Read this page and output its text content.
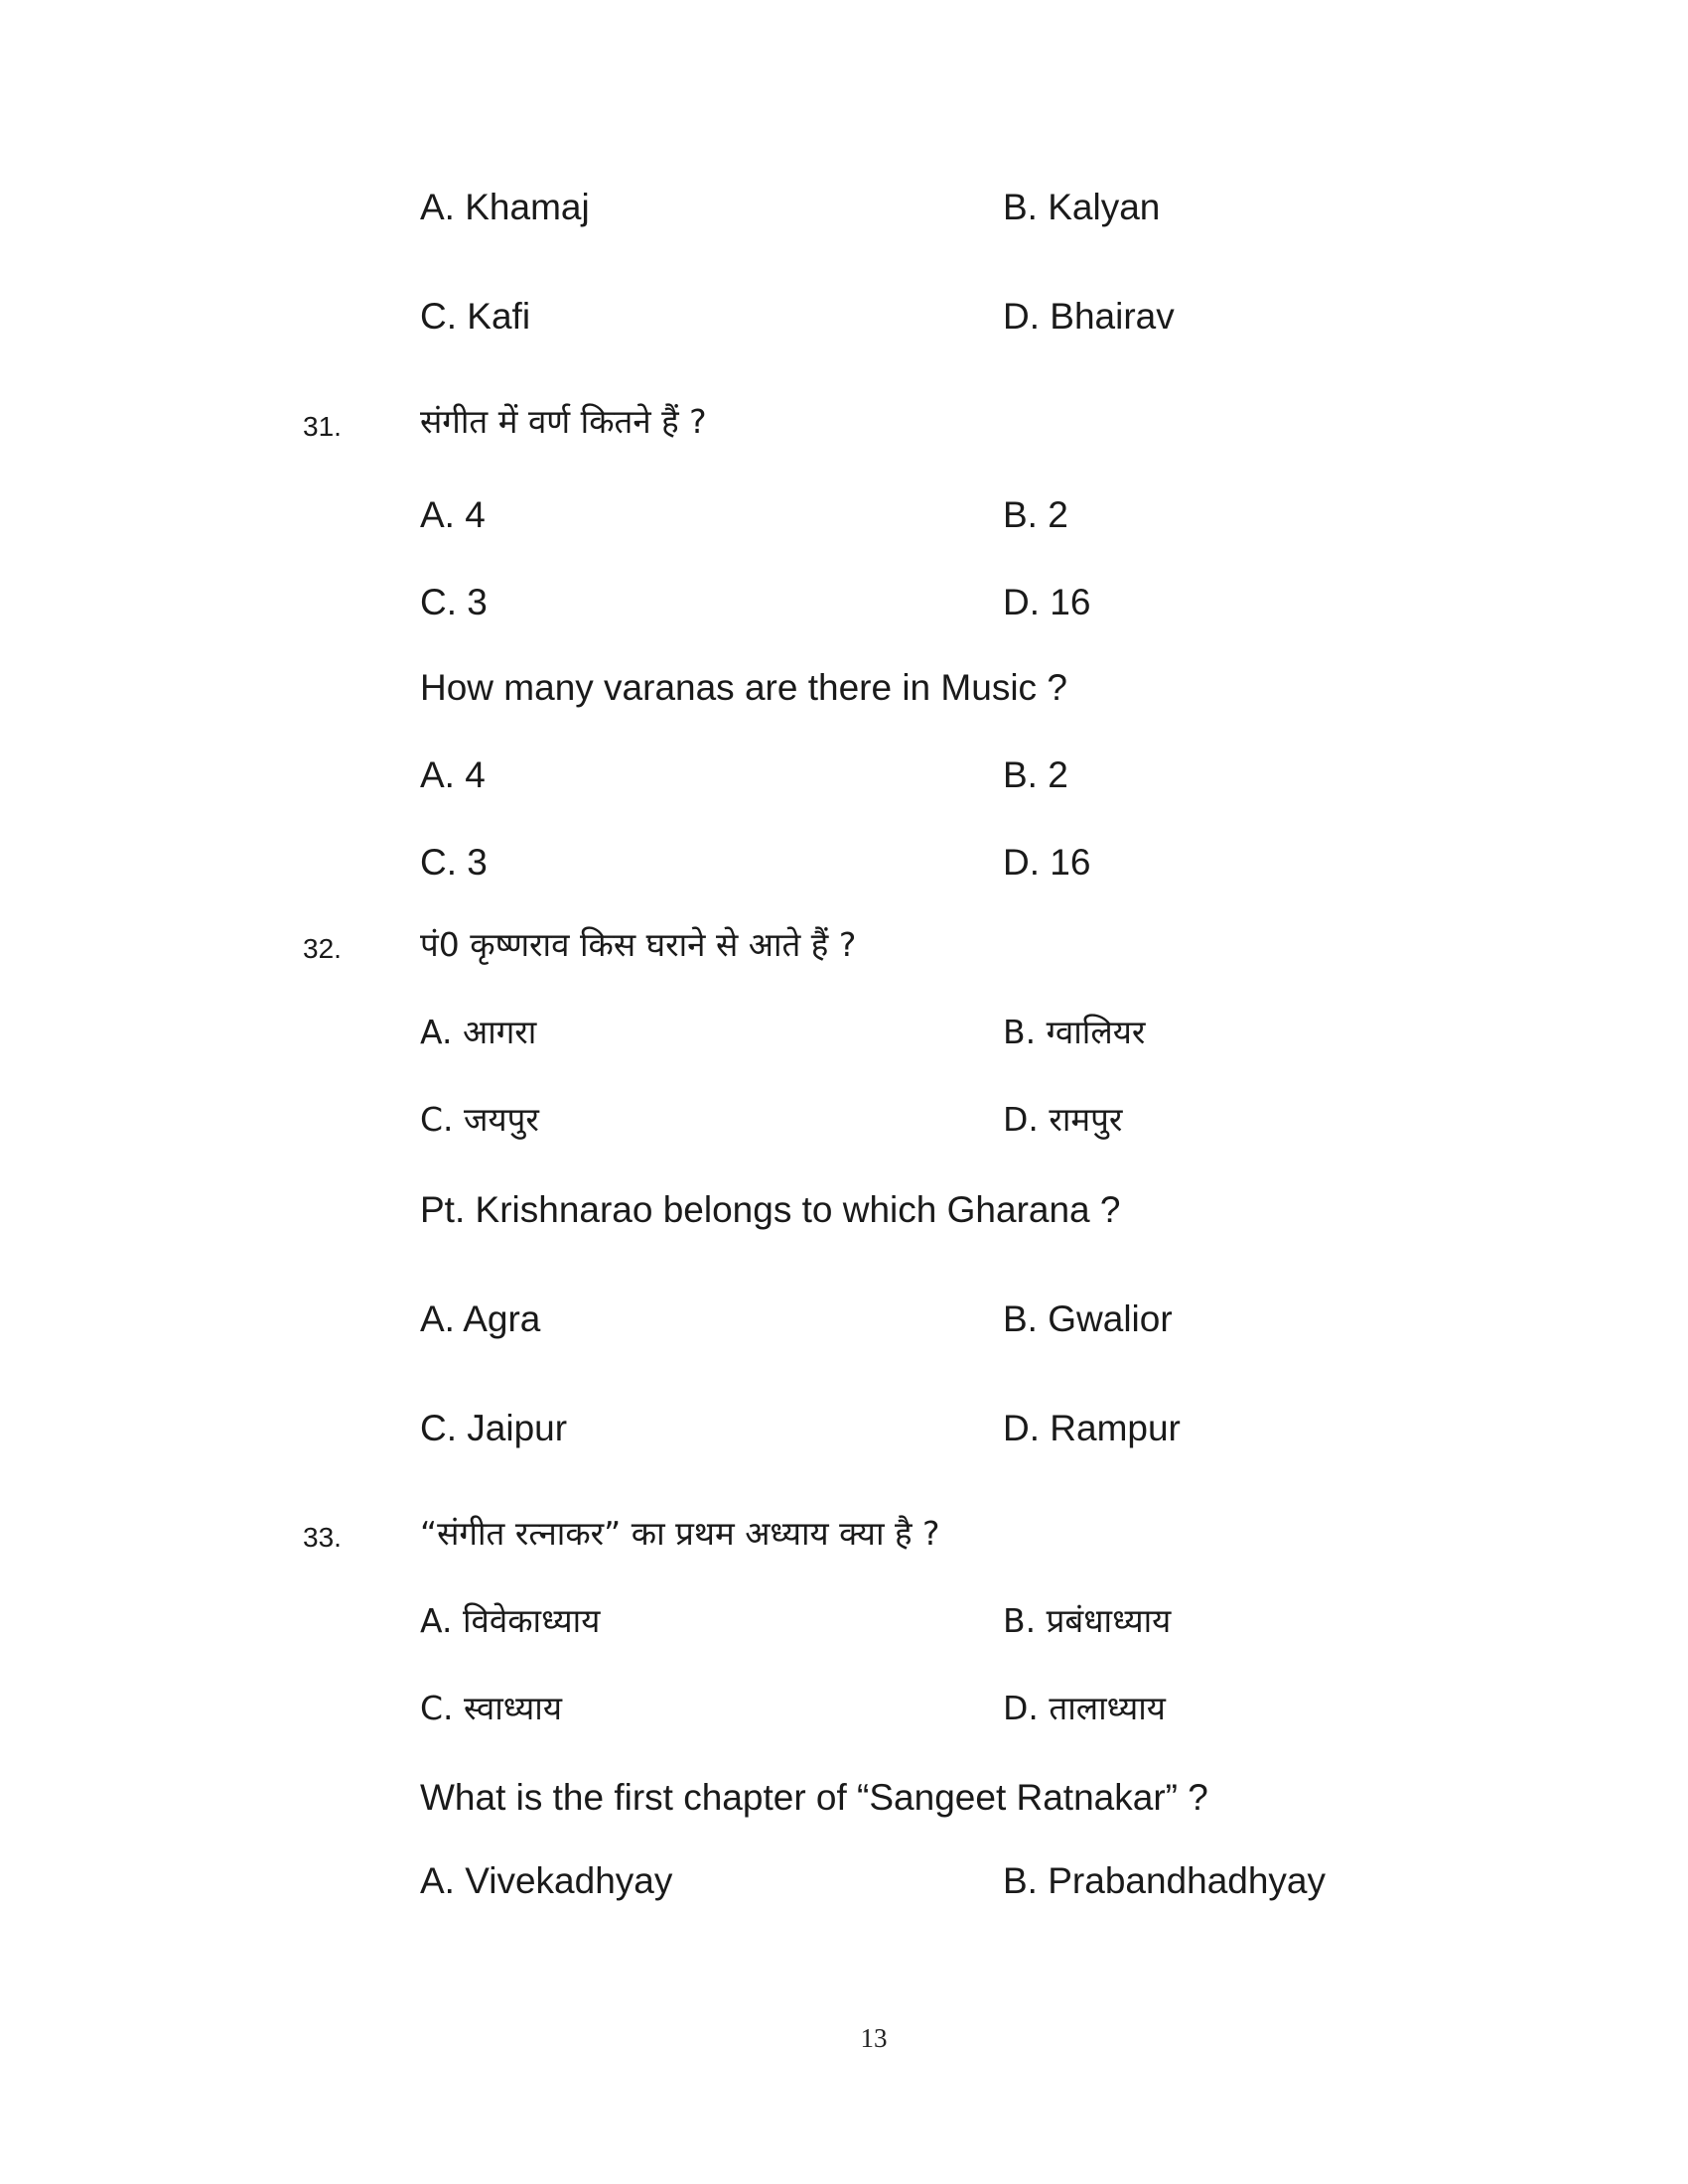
A. Khamaj	B. Kalyan
C. Kafi	D. Bhairav
31. संगीत में वर्ण कितने हैं ?
A. 4	B. 2
C. 3	D. 16
How many varanas are there in Music ?
A. 4	B. 2
C. 3	D. 16
32. पं0 कृष्णराव किस घराने से आते हैं ?
A. आगरा	B. ग्वालियर
C. जयपुर	D. रामपुर
Pt. Krishnarao belongs to which Gharana ?
A. Agra	B. Gwalior
C. Jaipur	D. Rampur
33. “संगीत रत्नाकर” का प्रथम अध्याय क्या है ?
A. विवेकाध्याय	B. प्रबंधाध्याय
C. स्वाध्याय	D. तालाध्याय
What is the first chapter of “Sangeet Ratnakar” ?
A. Vivekadhyay	B. Prabandhadhyay
13
